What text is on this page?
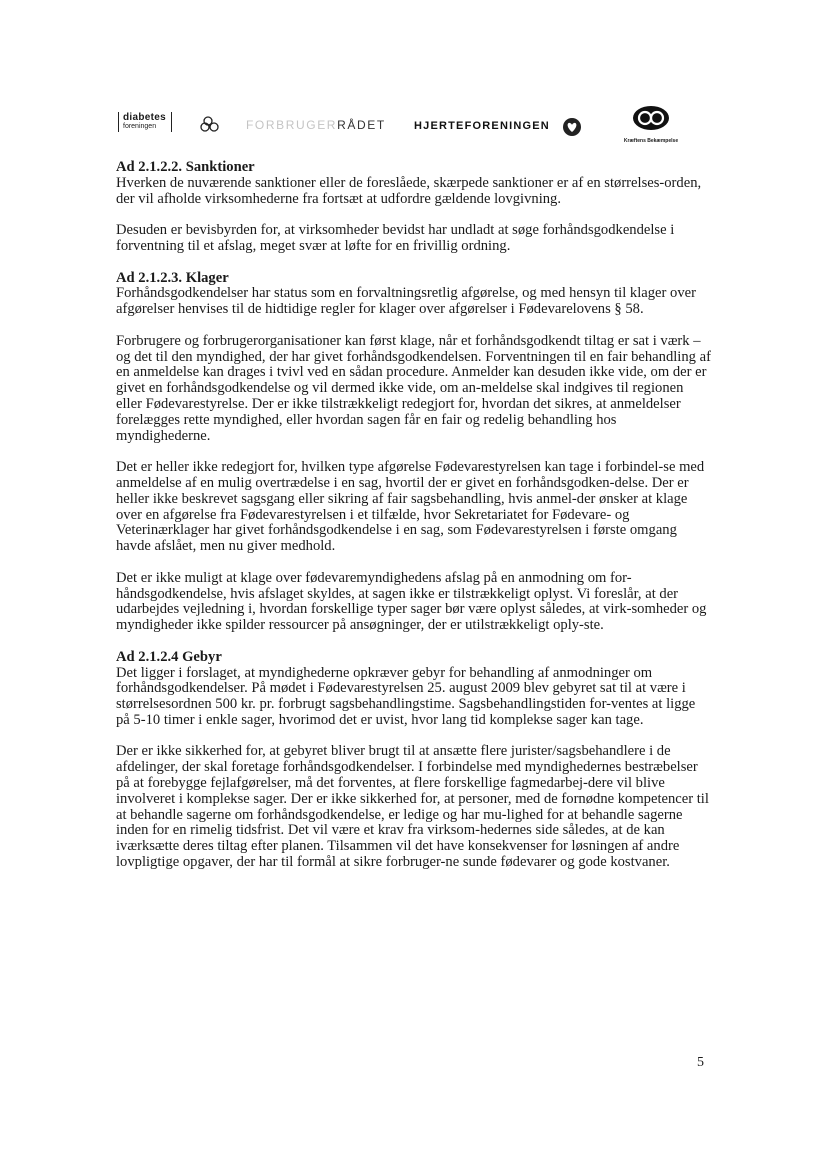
diabetes
foreningen	FORBRUGERRÅDET	HJERTEFORENINGEN
Kræftens Bekæmpelse
Ad 2.1.2.2. Sanktioner

Hverken de nuværende sanktioner eller de foreslåede, skærpede sanktioner er af en størrelses-orden, der vil afholde virksomhederne fra fortsæt at udfordre gældende lovgivning.

Desuden er bevisbyrden for, at virksomheder bevidst har undladt at søge forhåndsgodkendelse i forventning til et afslag, meget svær at løfte for en frivillig ordning.

Ad 2.1.2.3. Klager

Forhåndsgodkendelser har status som en forvaltningsretlig afgørelse, og med hensyn til klager over afgørelser henvises til de hidtidige regler for klager over afgørelser i Fødevarelovens § 58.

Forbrugere og forbrugerorganisationer kan først klage, når et forhåndsgodkendt tiltag er sat i værk – og det til den myndighed, der har givet forhåndsgodkendelsen. Forventningen til en fair behandling af en anmeldelse kan drages i tvivl ved en sådan procedure. Anmelder kan desuden ikke vide, om der er givet en forhåndsgodkendelse og vil dermed ikke vide, om an-meldelse skal indgives til regionen eller Fødevarestyrelse. Der er ikke tilstrækkeligt redegjort for, hvordan det sikres, at anmeldelser forelægges rette myndighed, eller hvordan sagen får en fair og redelig behandling hos myndighederne.

Det er heller ikke redegjort for, hvilken type afgørelse Fødevarestyrelsen kan tage i forbindel-se med anmeldelse af en mulig overtrædelse i en sag, hvortil der er givet en forhåndsgodken-delse. Der er heller ikke beskrevet sagsgang eller sikring af fair sagsbehandling, hvis anmel-der ønsker at klage over en afgørelse fra Fødevarestyrelsen i et tilfælde, hvor Sekretariatet for Fødevare- og Veterinærklager har givet forhåndsgodkendelse i en sag, som Fødevarestyrelsen i første omgang havde afslået, men nu giver medhold.

Det er ikke muligt at klage over fødevaremyndighedens afslag på en anmodning om for-håndsgodkendelse, hvis afslaget skyldes, at sagen ikke er tilstrækkeligt oplyst. Vi foreslår, at der udarbejdes vejledning i, hvordan forskellige typer sager bør være oplyst således, at virk-somheder og myndigheder ikke spilder ressourcer på ansøgninger, der er utilstrækkeligt oply-ste.

Ad 2.1.2.4 Gebyr

Det ligger i forslaget, at myndighederne opkræver gebyr for behandling af anmodninger om forhåndsgodkendelser. På mødet i Fødevarestyrelsen 25. august 2009 blev gebyret sat til at være i størrelsesordnen 500 kr. pr. forbrugt sagsbehandlingstime. Sagsbehandlingstiden for-ventes at ligge på 5-10 timer i enkle sager, hvorimod det er uvist, hvor lang tid komplekse sager kan tage.

Der er ikke sikkerhed for, at gebyret bliver brugt til at ansætte flere jurister/sagsbehandlere i de afdelinger, der skal foretage forhåndsgodkendelser. I forbindelse med myndighedernes bestræbelser på at forebygge fejlafgørelser, må det forventes, at flere forskellige fagmedarbej-dere vil blive involveret i komplekse sager. Der er ikke sikkerhed for, at personer, med de fornødne kompetencer til at behandle sagerne om forhåndsgodkendelse, er ledige og har mu-lighed for at behandle sagerne inden for en rimelig tidsfrist. Det vil være et krav fra virksom-hedernes side således, at de kan iværksætte deres tiltag efter planen. Tilsammen vil det have konsekvenser for løsningen af andre lovpligtige opgaver, der har til formål at sikre forbruger-ne sunde fødevarer og gode kostvaner.

5
